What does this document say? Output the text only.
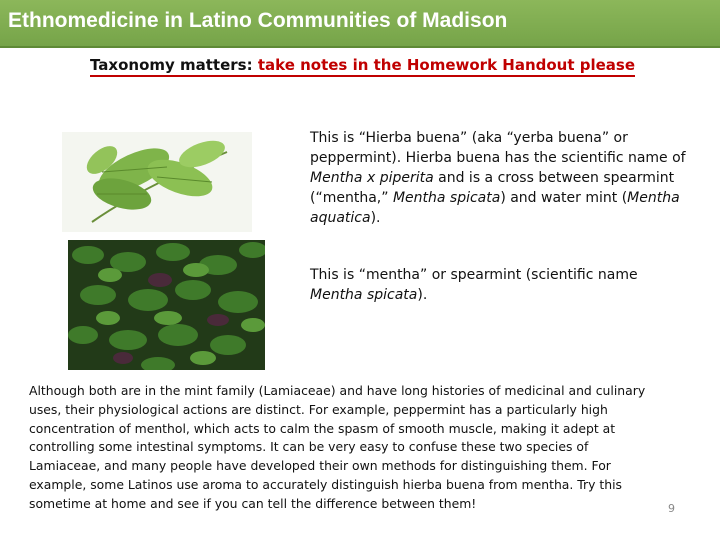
Ethnomedicine in Latino Communities of Madison
Taxonomy matters: take notes in the Homework Handout please
This is “Hierba buena” (aka “yerba buena” or peppermint). Hierba buena has the scientific name of Mentha x piperita and is a cross between spearmint (“mentha,” Mentha spicata) and water mint (Mentha aquatica).
This is “mentha” or spearmint (scientific name Mentha spicata).
Although both are in the mint family (Lamiaceae) and have long histories of medicinal and culinary uses, their physiological actions are distinct. For example, peppermint has a particularly high concentration of menthol, which acts to calm the spasm of smooth muscle, making it adept at controlling some intestinal symptoms. It can be very easy to confuse these two species of Lamiaceae, and many people have developed their own methods for distinguishing them. For example, some Latinos use aroma to accurately distinguish hierba buena from mentha. Try this sometime at home and see if you can tell the difference between them!	9
